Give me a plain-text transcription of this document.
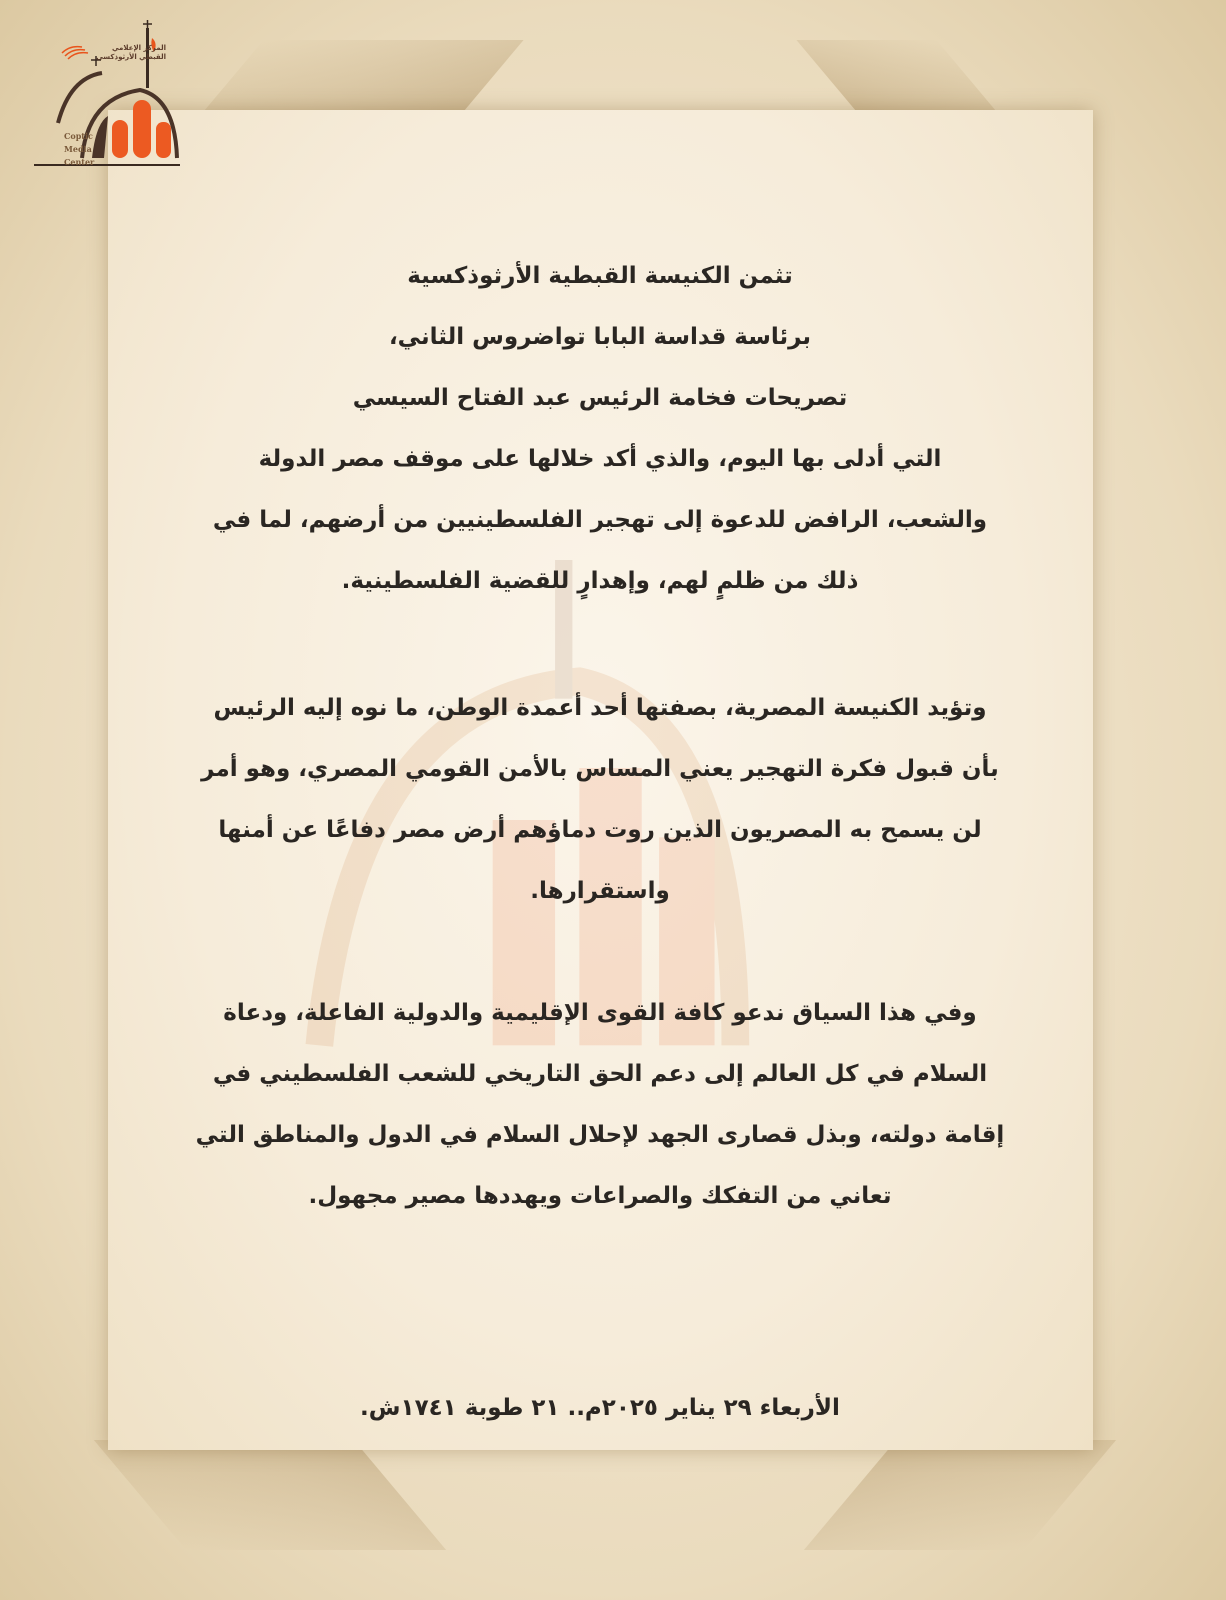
المركز الإعلامي القبطي الأرثوذكسي
Coptic
Media
Center
تثمن الكنيسة القبطية الأرثوذكسية
برئاسة قداسة البابا تواضروس الثاني،
تصريحات فخامة الرئيس عبد الفتاح السيسي
التي أدلى بها اليوم، والذي أكد خلالها على موقف مصر الدولة
والشعب، الرافض للدعوة إلى تهجير الفلسطينيين من أرضهم، لما في
ذلك من ظلمٍ لهم، وإهدارٍ للقضية الفلسطينية.
وتؤيد الكنيسة المصرية، بصفتها أحد أعمدة الوطن، ما نوه إليه الرئيس
بأن قبول فكرة التهجير يعني المساس بالأمن القومي المصري، وهو أمر
لن يسمح به المصريون الذين روت دماؤهم أرض مصر دفاعًا عن أمنها
واستقرارها.
وفي هذا السياق ندعو كافة القوى الإقليمية والدولية الفاعلة، ودعاة
السلام في كل العالم إلى دعم الحق التاريخي للشعب الفلسطيني في
إقامة دولته، وبذل قصارى الجهد لإحلال السلام في الدول والمناطق التي
تعاني من التفكك والصراعات ويهددها مصير مجهول.
الأربعاء ٢٩ يناير ٢٠٢٥م.. ٢١ طوبة ١٧٤١ش.
